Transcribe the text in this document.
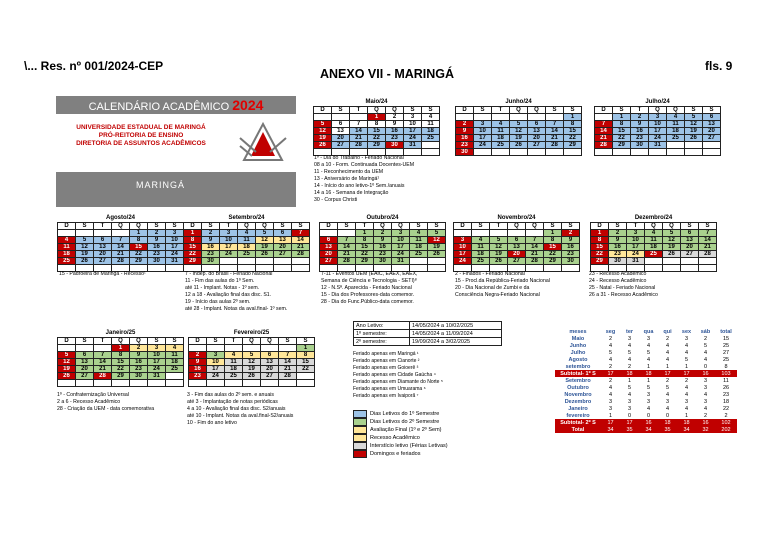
\... Res. nº 001/2024-CEP
ANEXO VII - MARINGÁ
fls. 9
CALENDÁRIO ACADÊMICO 2024
UNIVERSIDADE ESTADUAL DE MARINGÁ
PRÓ-REITORIA DE ENSINO
DIRETORIA DE ASSUNTOS ACADÊMICOS
MARINGÁ
Maio/24						
D	S	T	Q	Q	S	S
			1	2	3	4
5	6	7	8	9	10	11
12	13	14	15	16	17	18
19	20	21	22	23	24	25
26	27	28	29	30	31	

Junho/24						
D	S	T	Q	Q	S	S
						1
2	3	4	5	6	7	8
9	10	11	12	13	14	15
16	17	18	19	20	21	22
23	24	25	26	27	28	29
30						
Julho/24						
D	S	T	Q	Q	S	S
	1	2	3	4	5	6
7	8	9	10	11	12	13
14	15	16	17	18	19	20
21	22	23	24	25	26	27
28	29	30	31			

Agosto/24						
D	S	T	Q	Q	S	S
				1	2	3
4	5	6	7	8	9	10
11	12	13	14	15	16	17
18	19	20	21	22	23	24
25	26	27	28	29	30	31

Setembro/24						
D	S	T	Q	Q	S	S
1	2	3	4	5	6	7
8	9	10	11	12	13	14
15	16	17	18	19	20	21
22	23	24	25	26	27	28
29	30					

Outubro/24						
D	S	T	Q	Q	S	S
		1	2	3	4	5
6	7	8	9	10	11	12
13	14	15	16	17	18	19
20	21	22	23	24	25	26
27	28	29	30	31		

Novembro/24						
D	S	T	Q	Q	S	S
					1	2
3	4	5	6	7	8	9
10	11	12	13	14	15	16
17	18	19	20	21	22	23
24	25	26	27	28	29	30

Dezembro/24						
D	S	T	Q	Q	S	S
1	2	3	4	5	6	7
8	9	10	11	12	13	14
15	16	17	18	19	20	21
22	23	24	25	26	27	28
29	30	31				

Janeiro/25						
D	S	T	Q	Q	S	S
			1	2	3	4
5	6	7	8	9	10	11
12	13	14	15	16	17	18
19	20	21	22	23	24	25
26	27	28	29	30	31	

Fevereiro/25						
D	S	T	Q	Q	S	S
						1
2	3	4	5	6	7	8
9	10	11	12	13	14	15
16	17	18	19	20	21	22
23	24	25	26	27	28	

1º - Dia do Trabalho - Feriado Nacional
08 a 10 - Form. Continuada Docentes-UEM
11 - Reconhecimento da UEM
13 - Aniversário de Maringá¹
14 - Início do ano letivo-1º Sem./anuais
14 a 16 - Semana de Integração
30 - Corpus Christi
15 - Padroeira de Maringá - Recesso¹	7 - Indep. do Brasil - Feriado Nacional
11 - Fim das aulas do 1º Sem.
até 11 - Implant. Notas - 1º sem.
12 a 18 - Avaliação final das disc. S1.
19 - Início das aulas 2º sem.
até 28 - Implant. Notas da aval.final- 1º sem.
7-11 - Eventos UEM (EAIC, EAEX, EAEX,
Semana de Ciência e Tecnologia - SETI)⁸
12 - N.Sª. Aparecida - Feriado Nacional
15 - Dia dos Professores-data comemor.
28 - Dia do Func.Público-data comemor.
2 - Finados - Feriado Nacional
15 - Procl.da República-Feriado Nacional
20 - Dia Nacional de Zumbi e da
Consciência Negra-Feriado Nacional
23 - Recesso Acadêmico
24 - Recesso Acadêmico
25 - Natal - Feriado Nacional
26 a 31 - Recesso Acadêmico
1º - Confraternização Universal
2 a 6 - Recesso Acadêmico
28 - Criação da UEM - data comemorativa
3 - Fim das aulas do 2º sem. e anuais
até 3 - Implantação de notas periódicas
4 a 10 - Avaliação final das disc. S2/anuais
até 10 - Implant. Notas da aval.final-S2/anuais
10 - Fim do ano letivo
Ano Letivo:	14/05/2024 a 10/02/2025
1º semestre:	14/05/2024 a 11/09/2024
2º semestre:	19/09/2024 a 3/02/2025
Feriado apenas em Maringá ¹
Feriado apenas em Cianorte ²
Feriado apenas em Goioerê ³
Feriado apenas em Cidade Gaúcha ⁴
Feriado apenas em Diamante do Norte ⁵
Feriado apenas em Umuarama ⁶
Feriado apenas em Ivaiporã ⁷
Dias Letivos do 1º Semestre
Dias Letivos do 2º Semestre
Avaliação Final (1º e 2º Sem)
Recesso Acadêmico
Interstício letivo (Férias Letivas)
Domingos e feriados
meses	seg	ter	qua	qui	sex	sáb	total
Maio	2	3	3	2	3	2	15
Junho	4	4	4	4	4	5	25
Julho	5	5	5	4	4	4	27
Agosto	4	4	4	4	5	4	25
setembro	2	2	1	1	1	0	8
Subtotal- 1º S	17	18	18	17	17	16	103
Setembro	2	1	1	2	2	3	11
Outubro	4	5	5	5	4	3	26
Novembro	4	4	3	4	4	4	23
Dezembro	3	3	3	3	3	3	18
Janeiro	3	3	4	4	4	4	22
fevereiro	1	0	0	0	1	2	2
Subtotal- 2º S	17	17	16	18	18	16	102
Total	34	35	34	35	34	32	202
